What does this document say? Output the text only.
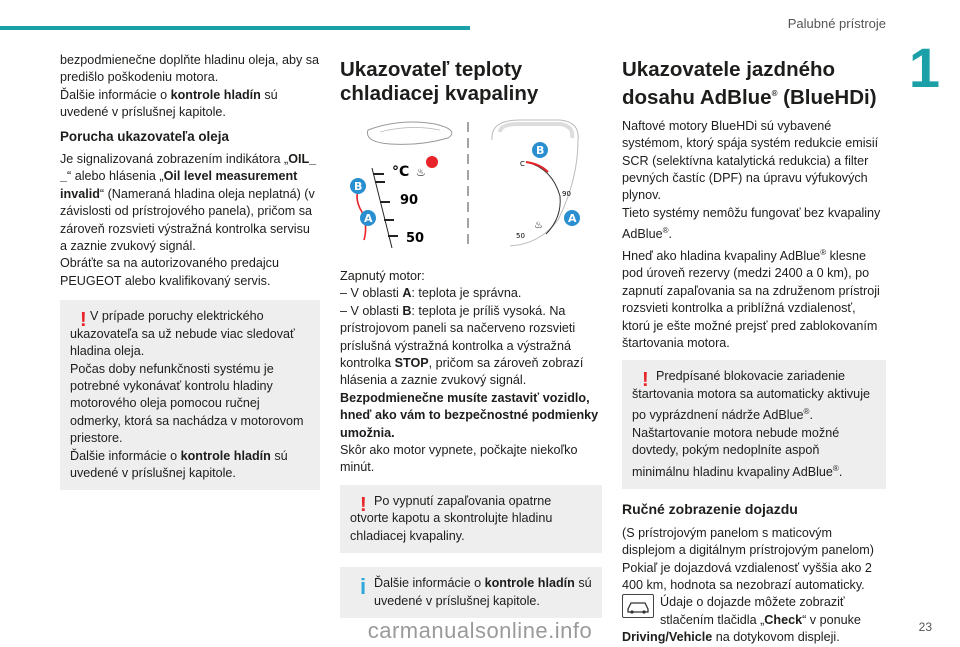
Palubné prístroje
1

bezpodmienečne doplňte hladinu oleja, aby sa predišlo poškodeniu motora.
Ďalšie informácie o kontrole hladín sú uvedené v príslušnej kapitole.

Porucha ukazovateľa oleja

Je signalizovaná zobrazením indikátora „OIL_ _“ alebo hlásenia „Oil level measurement invalid“ (Nameraná hladina oleja neplatná) (v závislosti od prístrojového panela), pričom sa zároveň rozsvieti výstražná kontrolka servisu a zaznie zvukový signál.
Obráťte sa na autorizovaného predajcu PEUGEOT alebo kvalifikovaný servis.

! V prípade poruchy elektrického ukazovateľa sa už nebude viac sledovať hladina oleja.

Počas doby nefunkčnosti systému je potrebné vykonávať kontrolu hladiny motorového oleja pomocou ručnej odmerky, ktorá sa nachádza v motorovom priestore.

Ďalšie informácie o kontrole hladín sú uvedené v príslušnej kapitole.

Ukazovateľ teploty chladiacej kvapaliny
°C ♨
90
50
B
A
C
90
50
♨
B
A

Zapnutý motor:

– V oblasti A: teplota je správna.

– V oblasti B: teplota je príliš vysoká. Na prístrojovom paneli sa načerveno rozsvieti príslušná výstražná kontrolka a výstražná kontrolka STOP, pričom sa zároveň zobrazí hlásenia a zaznie zvukový signál.

Bezpodmienečne musíte zastaviť vozidlo, hneď ako vám to bezpečnostné podmienky umožnia.

Skôr ako motor vypnete, počkajte niekoľko minút.

! Po vypnutí zapaľovania opatrne otvorte kapotu a skontrolujte hladinu chladiacej kvapaliny.

i Ďalšie informácie o kontrole hladín sú uvedené v príslušnej kapitole.

Ukazovatele jazdného dosahu AdBlue® (BlueHDi)

Naftové motory BlueHDi sú vybavené systémom, ktorý spája systém redukcie emisií SCR (selektívna katalytická redukcia) a filter pevných častíc (DPF) na úpravu výfukových plynov.

Tieto systémy nemôžu fungovať bez kvapaliny AdBlue®.

Hneď ako hladina kvapaliny AdBlue® klesne pod úroveň rezervy (medzi 2400 a 0 km), po zapnutí zapaľovania sa na združenom prístroji rozsvieti kontrolka a priblížná vzdialenosť, ktorú je ešte možné prejsť pred zablokovaním štartovania motora.

! Predpísané blokovacie zariadenie štartovania motora sa automaticky aktivuje po vyprázdnení nádrže AdBlue®.

Naštartovanie motora nebude možné dovtedy, pokým nedoplníte aspoň minimálnu hladinu kvapaliny AdBlue®.

Ručné zobrazenie dojazdu

(S prístrojovým panelom s maticovým displejom a digitálnym prístrojovým panelom)

Pokiaľ je dojazdová vzdialenosť vyššia ako 2 400 km, hodnota sa nezobrazí automaticky.

Údaje o dojazde môžete zobraziť stlačením tlačidla „Check“ v ponuke Driving/Vehicle na dotykovom displeji.

23
carmanualsonline.info
